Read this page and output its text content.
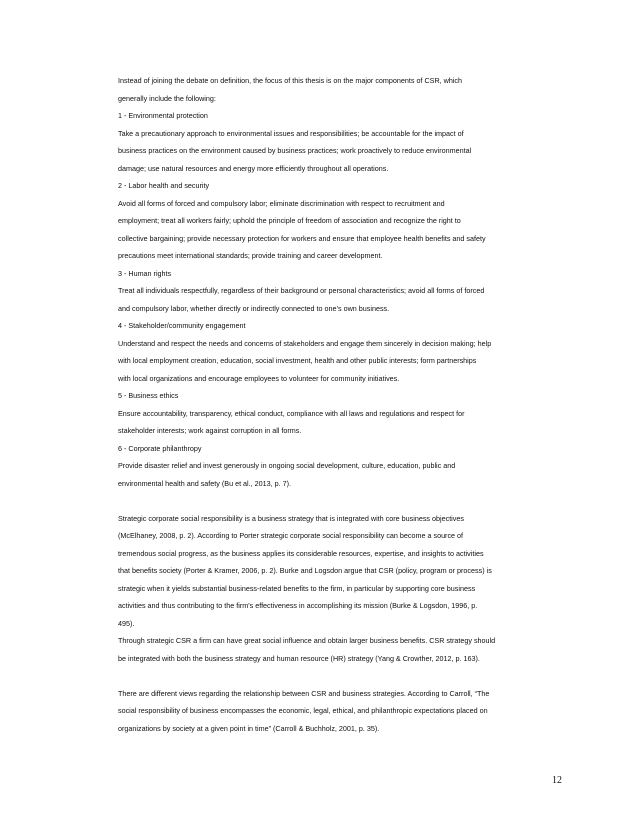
Instead of joining the debate on definition, the focus of this thesis is on the major components of CSR, which
generally include the following:
1 - Environmental protection
Take a precautionary approach to environmental issues and responsibilities; be accountable for the impact of
business practices on the environment caused by business practices; work proactively to reduce environmental
damage; use natural resources and energy more efficiently throughout all operations.
2 - Labor health and security
Avoid all forms of forced and compulsory labor; eliminate discrimination with respect to recruitment and
employment; treat all workers fairly; uphold the principle of freedom of association and recognize the right to
collective bargaining; provide necessary protection for workers and ensure that employee health benefits and safety
precautions meet international standards; provide training and career development.
3 - Human rights
Treat all individuals respectfully, regardless of their background or personal characteristics; avoid all forms of forced
and compulsory labor, whether directly or indirectly connected to one’s own business.
4 - Stakeholder/community engagement
Understand and respect the needs and concerns of stakeholders and engage them sincerely in decision making; help
with local employment creation, education, social investment, health and other public interests; form partnerships
with local organizations and encourage employees to volunteer for community initiatives.
5 - Business ethics
Ensure accountability, transparency, ethical conduct, compliance with all laws and regulations and respect for
stakeholder interests; work against corruption in all forms.
6 - Corporate philanthropy
Provide disaster relief and invest generously in ongoing social development, culture, education, public and
environmental health and safety (Bu et al., 2013, p. 7).
Strategic corporate social responsibility is a business strategy that is integrated with core business objectives
(McElhaney, 2008, p. 2). According to Porter strategic corporate social responsibility can become a source of
tremendous social progress, as the business applies its considerable resources, expertise, and insights to activities
that benefits society (Porter & Kramer, 2006, p. 2). Burke and Logsdon argue that CSR (policy, program or process) is
strategic when it yields substantial business-related benefits to the firm, in particular by supporting core business
activities and thus contributing to the firm's effectiveness in accomplishing its mission (Burke & Logsdon, 1996, p.
495).
Through strategic CSR a firm can have great social influence and obtain larger business benefits. CSR strategy should
be integrated with both the business strategy and human resource (HR) strategy (Yang & Crowther, 2012, p. 163).
There are different views regarding the relationship between CSR and business strategies. According to Carroll, “The
social responsibility of business encompasses the economic, legal, ethical, and philanthropic expectations placed on
organizations by society at a given point in time” (Carroll & Buchholz, 2001, p. 35).
12
